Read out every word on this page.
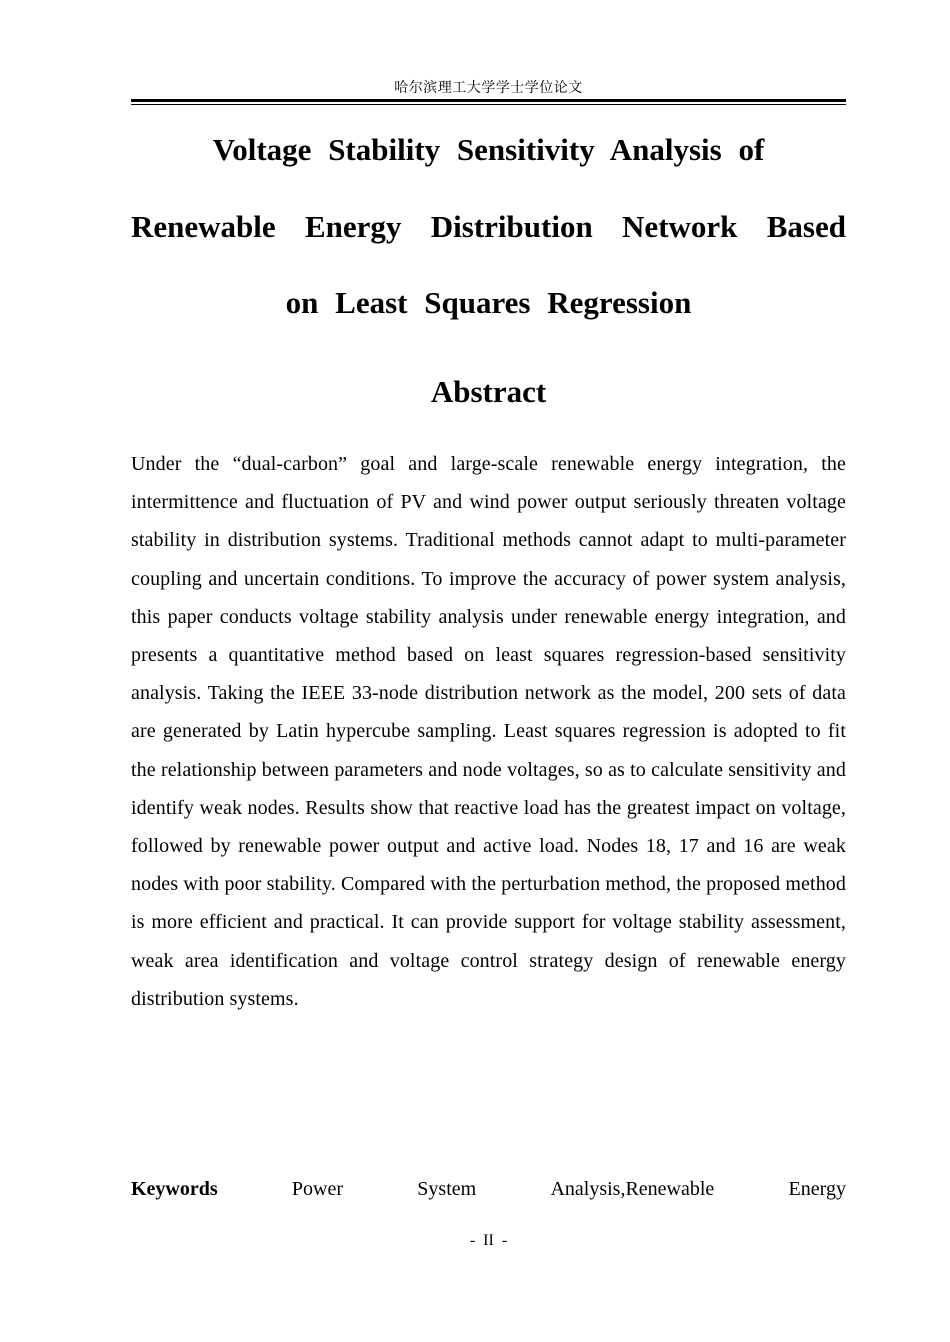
哈尔滨理工大学学士学位论文
Voltage Stability Sensitivity Analysis of
Renewable Energy Distribution Network Based
on Least Squares Regression
Abstract

Under the “dual-carbon” goal and large-scale renewable energy integration, the intermittence and fluctuation of PV and wind power output seriously threaten voltage stability in distribution systems. Traditional methods cannot adapt to multi-parameter coupling and uncertain conditions. To improve the accuracy of power system analysis, this paper conducts voltage stability analysis under renewable energy integration, and presents a quantitative method based on least squares regression-based sensitivity analysis. Taking the IEEE 33-node distribution network as the model, 200 sets of data are generated by Latin hypercube sampling. Least squares regression is adopted to fit the relationship between parameters and node voltages, so as to calculate sensitivity and identify weak nodes. Results show that reactive load has the greatest impact on voltage, followed by renewable power output and active load. Nodes 18, 17 and 16 are weak nodes with poor stability. Compared with the perturbation method, the proposed method is more efficient and practical. It can provide support for voltage stability assessment, weak area identification and voltage control strategy design of renewable energy distribution systems.

Keywords	Power	System	Analysis,Renewable	Energy

- II -
